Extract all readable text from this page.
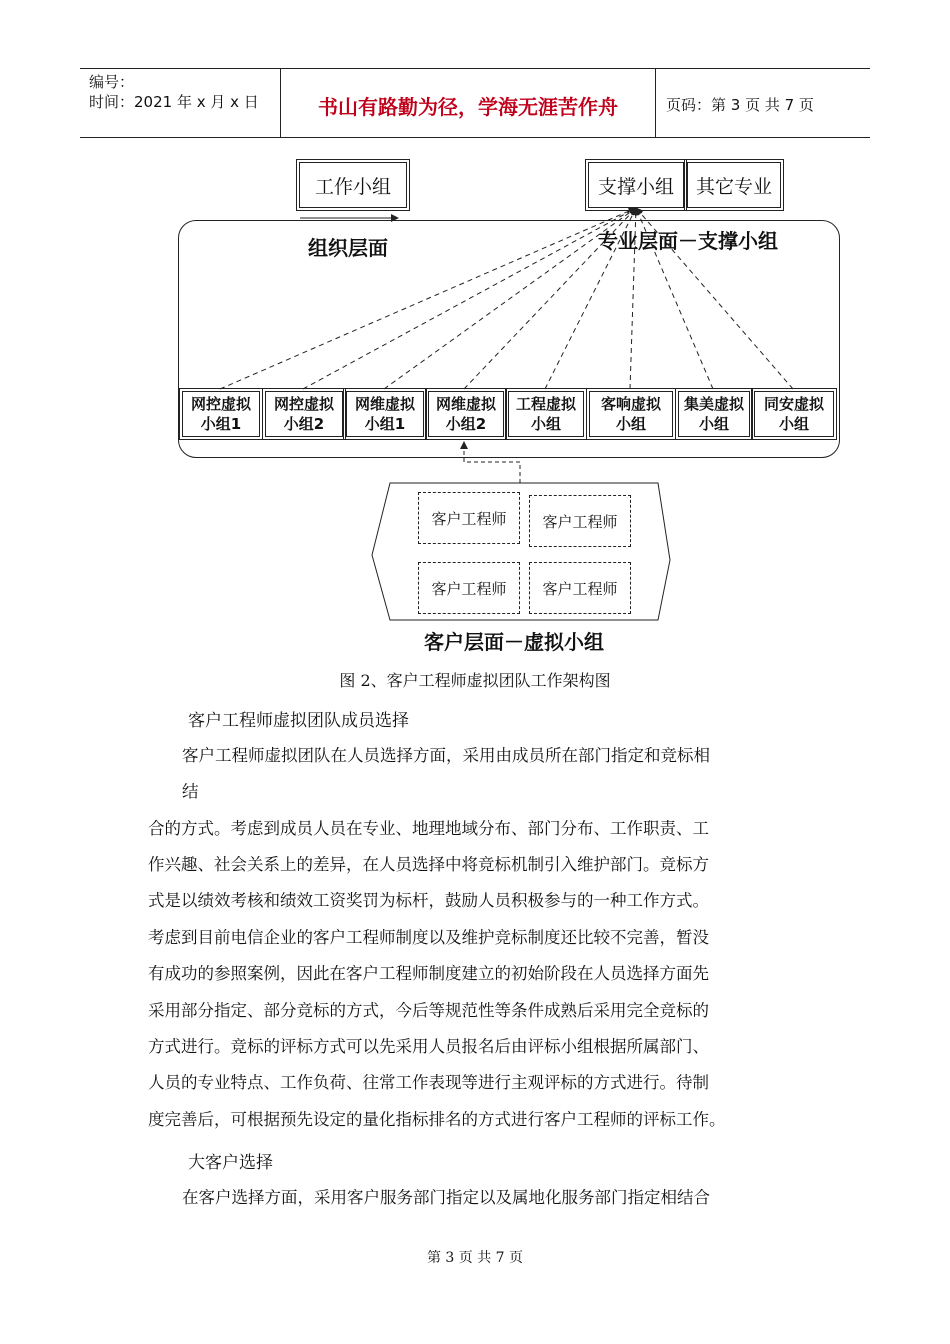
编号：
时间：2021 年 x 月 x 日	书山有路勤为径，学海无涯苦作舟	页码：第 3 页 共 7 页
工作小组	支撑小组	其它专业
组织层面	专业层面－支撑小组
网控虚拟
小组1
网控虚拟
小组2
网维虚拟
小组1
网维虚拟
小组2
工程虚拟
小组
客响虚拟
小组
集美虚拟
小组
同安虚拟
小组
客户工程师	客户工程师
客户工程师	客户工程师
客户层面－虚拟小组
图 2、客户工程师虚拟团队工作架构图
客户工程师虚拟团队成员选择
客户工程师虚拟团队在人员选择方面，采用由成员所在部门指定和竞标相
结
合的方式。考虑到成员人员在专业、地理地域分布、部门分布、工作职责、工
作兴趣、社会关系上的差异，在人员选择中将竞标机制引入维护部门。竞标方
式是以绩效考核和绩效工资奖罚为标杆，鼓励人员积极参与的一种工作方式。
考虑到目前电信企业的客户工程师制度以及维护竞标制度还比较不完善，暂没
有成功的参照案例，因此在客户工程师制度建立的初始阶段在人员选择方面先
采用部分指定、部分竞标的方式，今后等规范性等条件成熟后采用完全竞标的
方式进行。竞标的评标方式可以先采用人员报名后由评标小组根据所属部门、
人员的专业特点、工作负荷、往常工作表现等进行主观评标的方式进行。待制
度完善后，可根据预先设定的量化指标排名的方式进行客户工程师的评标工作。
大客户选择
在客户选择方面，采用客户服务部门指定以及属地化服务部门指定相结合
第 3 页 共 7 页
